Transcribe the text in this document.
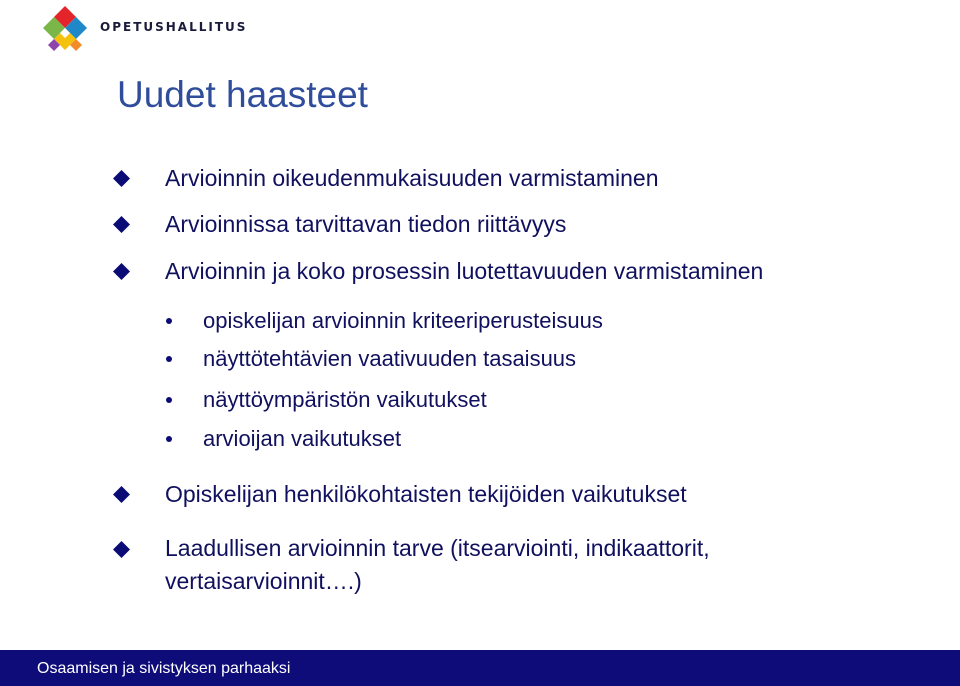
OPETUSHALLITUS
Uudet haasteet
Arvioinnin oikeudenmukaisuuden varmistaminen
Arvioinnissa tarvittavan tiedon riittävyys
Arvioinnin ja koko prosessin luotettavuuden varmistaminen
opiskelijan arvioinnin kriteeriperusteisuus
näyttötehtävien vaativuuden tasaisuus
näyttöympäristön vaikutukset
arvioijan vaikutukset
Opiskelijan henkilökohtaisten tekijöiden vaikutukset
Laadullisen arvioinnin tarve (itsearviointi, indikaattorit,
vertaisarvioinnit….)
Anu Räisänen
Osaamisen ja sivistyksen parhaaksi
